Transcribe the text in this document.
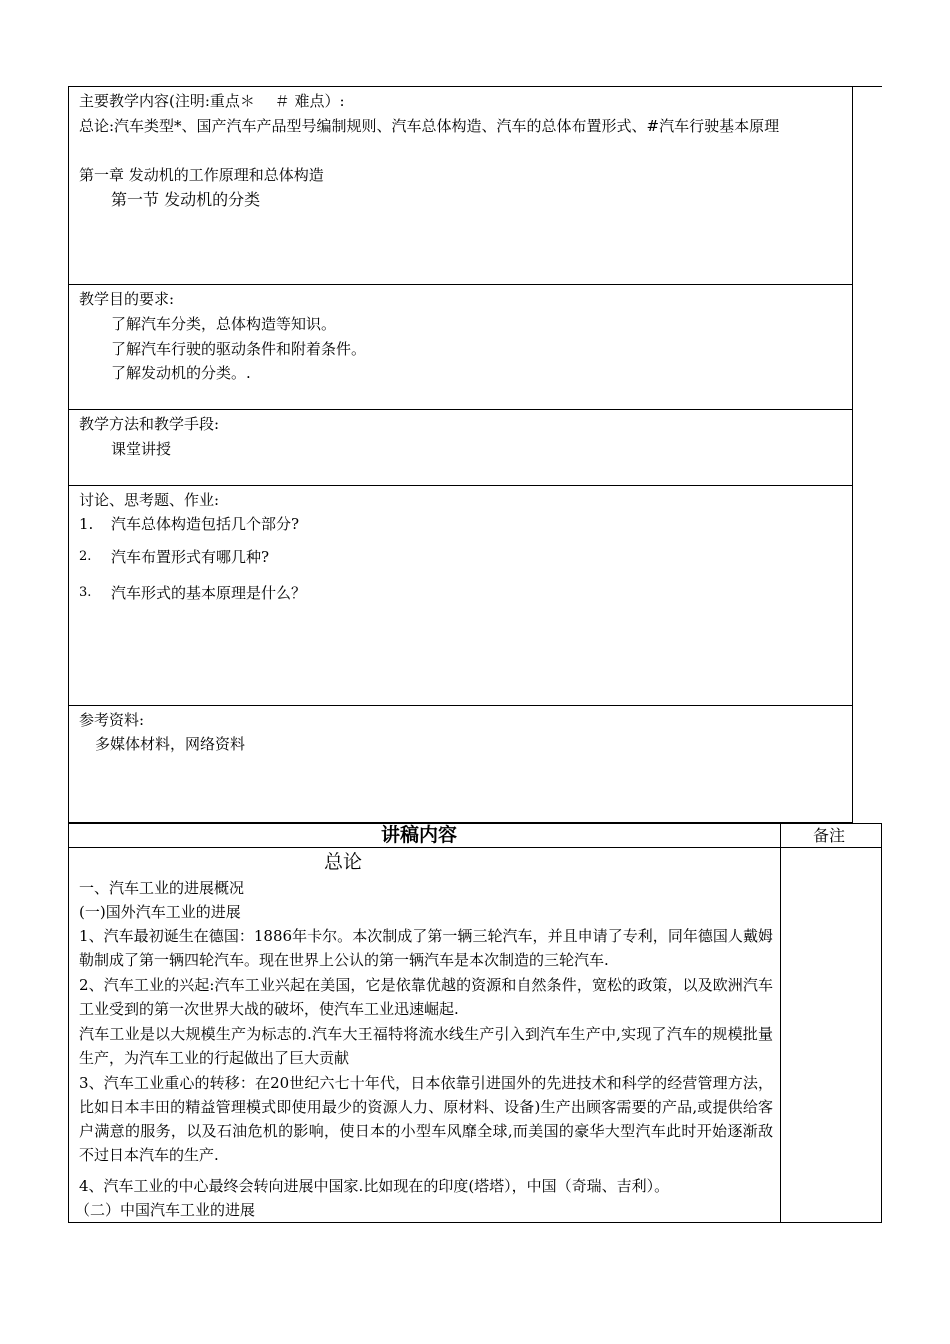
主要教学内容(注明:重点＊　 ＃ 难点）:
总论:汽车类型*、国产汽车产品型号编制规则、汽车总体构造、汽车的总体布置形式、#汽车行驶基本原理
第一章 发动机的工作原理和总体构造
第一节 发动机的分类
教学目的要求:
了解汽车分类，总体构造等知识。
了解汽车行驶的驱动条件和附着条件。
了解发动机的分类。.
教学方法和教学手段:
课堂讲授
讨论、思考题、作业:
1. 汽车总体构造包括几个部分?
2. 汽车布置形式有哪几种?
3. 汽车形式的基本原理是什么？
参考资料:
多媒体材料，网络资料
讲稿内容	备注
总论
一、汽车工业的进展概况
(一)国外汽车工业的进展
1、汽车最初诞生在德国：1886年卡尔。本次制成了第一辆三轮汽车，并且申请了专利，同年德国人戴姆勒制成了第一辆四轮汽车。现在世界上公认的第一辆汽车是本次制造的三轮汽车.
2、汽车工业的兴起:汽车工业兴起在美国，它是依靠优越的资源和自然条件，宽松的政策，以及欧洲汽车工业受到的第一次世界大战的破坏，使汽车工业迅速崛起.
汽车工业是以大规模生产为标志的.汽车大王福特将流水线生产引入到汽车生产中,实现了汽车的规模批量生产，为汽车工业的行起做出了巨大贡献
3、汽车工业重心的转移：在20世纪六七十年代，日本依靠引进国外的先进技术和科学的经营管理方法，比如日本丰田的精益管理模式即使用最少的资源人力、原材料、设备)生产出顾客需要的产品,或提供给客户满意的服务，以及石油危机的影响，使日本的小型车风靡全球,而美国的豪华大型汽车此时开始逐渐敌不过日本汽车的生产.
4、汽车工业的中心最终会转向进展中国家.比如现在的印度(塔塔），中国（奇瑞、吉利）。
（二）中国汽车工业的进展
